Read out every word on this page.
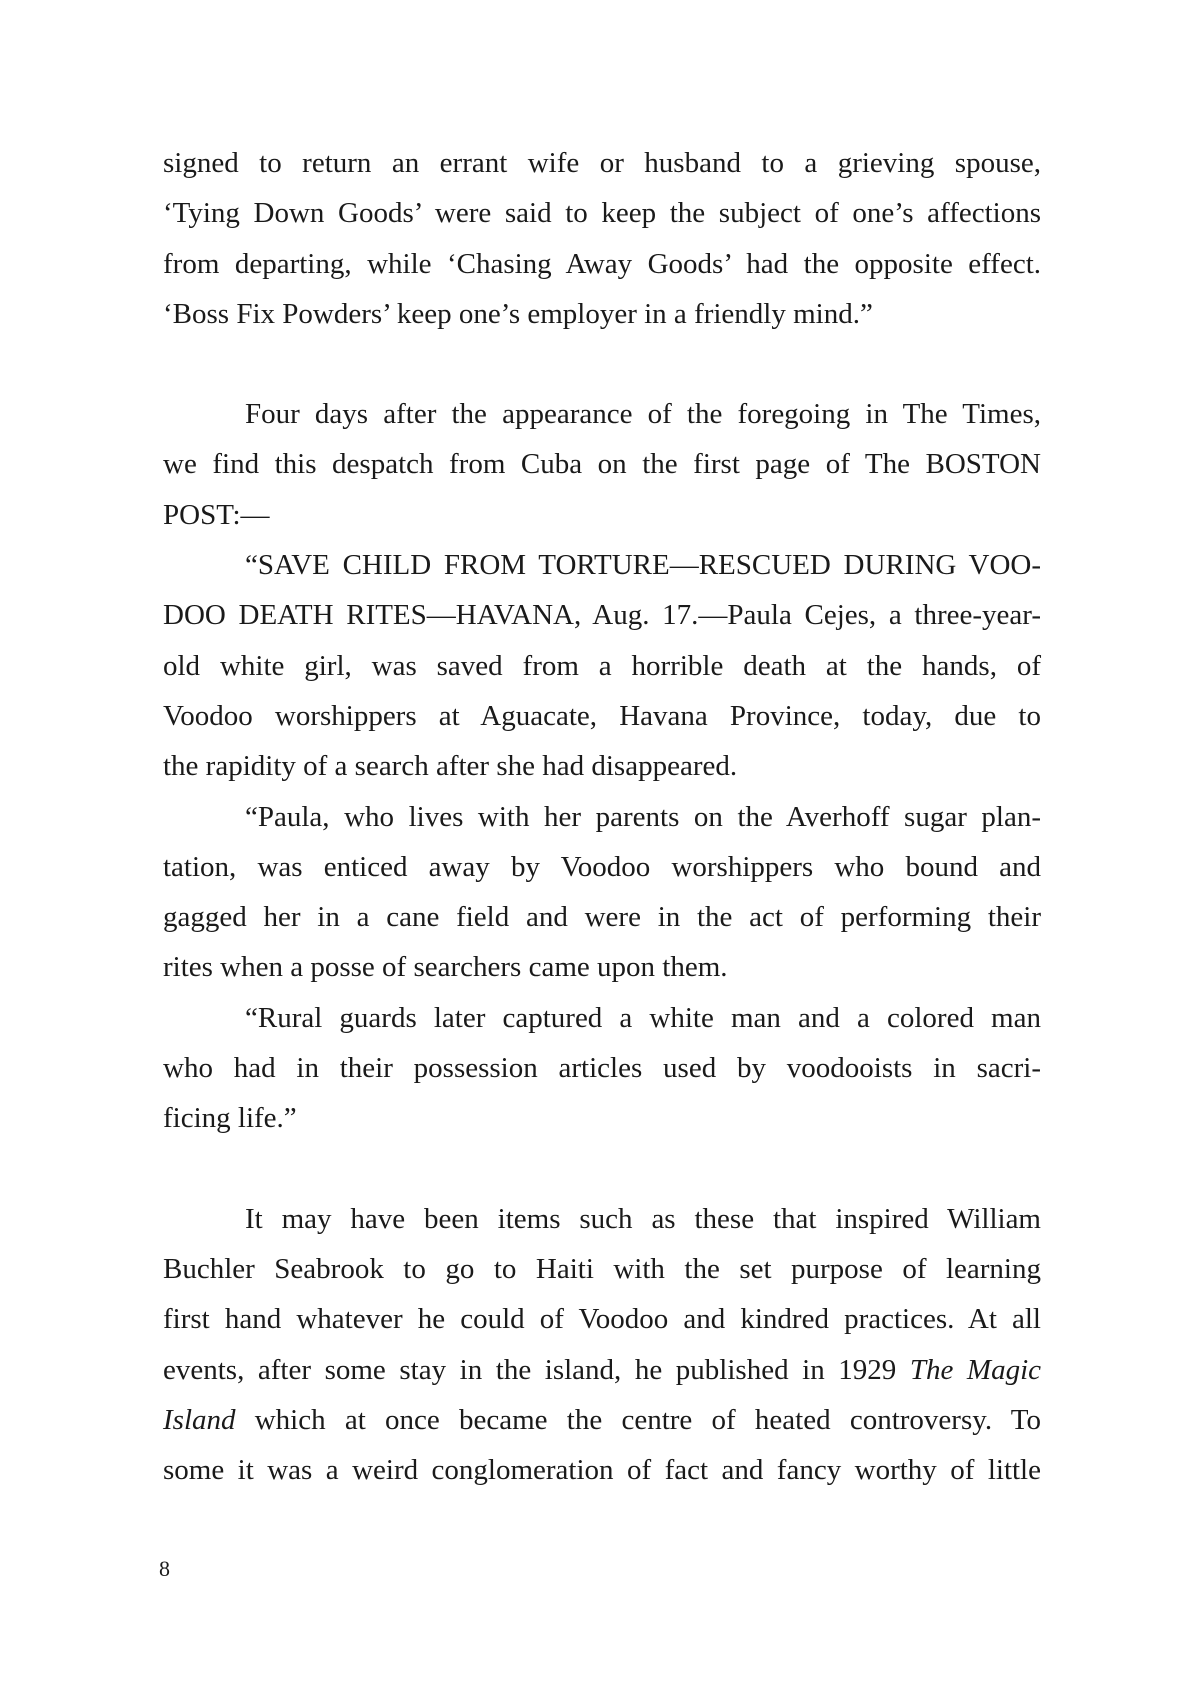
signed to return an errant wife or husband to a grieving spouse,
‘Tying Down Goods’ were said to keep the subject of one’s affections
from departing, while ‘Chasing Away Goods’ had the opposite effect.
‘Boss Fix Powders’ keep one’s employer in a friendly mind.”
Four days after the appearance of the foregoing in The Times,
we find this despatch from Cuba on the first page of The BOSTON
POST:—
“SAVE CHILD FROM TORTURE—RESCUED DURING VOO-
DOO DEATH RITES—HAVANA, Aug. 17.—Paula Cejes, a three-year-
old white girl, was saved from a horrible death at the hands, of
Voodoo worshippers at Aguacate, Havana Province, today, due to
the rapidity of a search after she had disappeared.
“Paula, who lives with her parents on the Averhoff sugar plan-
tation, was enticed away by Voodoo worshippers who bound and
gagged her in a cane field and were in the act of performing their
rites when a posse of searchers came upon them.
“Rural guards later captured a white man and a colored man
who had in their possession articles used by voodooists in sacri-
ficing life.”
It may have been items such as these that inspired William
Buchler Seabrook to go to Haiti with the set purpose of learning
first hand whatever he could of Voodoo and kindred practices. At all
events, after some stay in the island, he published in 1929 The Magic
Island which at once became the centre of heated controversy. To
some it was a weird conglomeration of fact and fancy worthy of little
8
